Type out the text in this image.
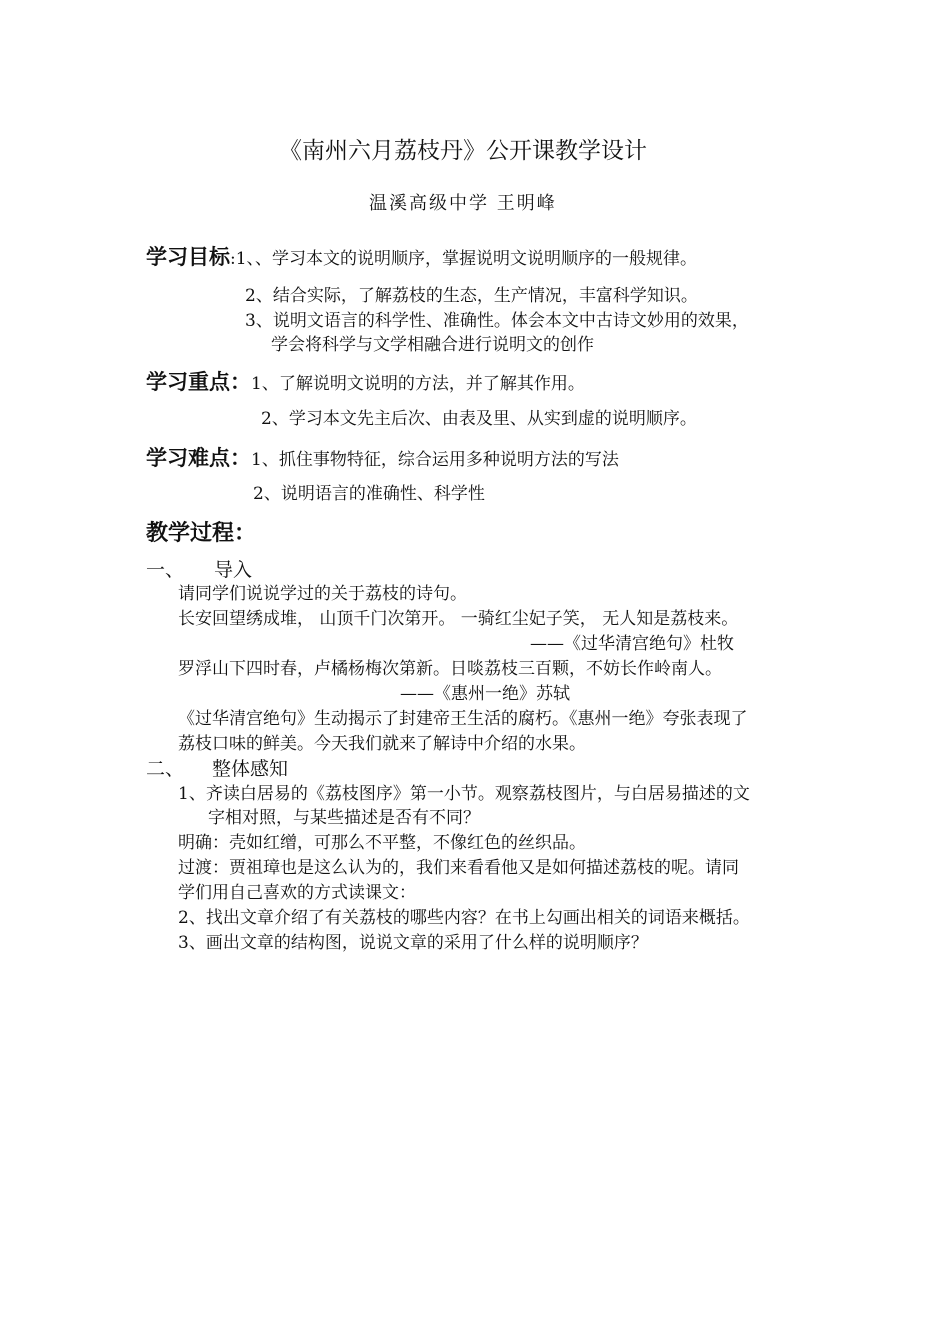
《南州六月荔枝丹》公开课教学设计
温溪高级中学 王明峰
学习目标:1、、学习本文的说明顺序，掌握说明文说明顺序的一般规律。
2、结合实际，了解荔枝的生态，生产情况，丰富科学知识。
3、说明文语言的科学性、准确性。体会本文中古诗文妙用的效果，
学会将科学与文学相融合进行说明文的创作
学习重点：1、了解说明文说明的方法，并了解其作用。
2、学习本文先主后次、由表及里、从实到虚的说明顺序。
学习难点：1、抓住事物特征，综合运用多种说明方法的写法
2、说明语言的准确性、科学性
教学过程：
一、 导入
请同学们说说学过的关于荔枝的诗句。
长安回望绣成堆， 山顶千门次第开。 一骑红尘妃子笑， 无人知是荔枝来。
——《过华清宫绝句》杜牧
罗浮山下四时春，卢橘杨梅次第新。日啖荔枝三百颗，不妨长作岭南人。
——《惠州一绝》苏轼
《过华清宫绝句》生动揭示了封建帝王生活的腐朽。《惠州一绝》夸张表现了
荔枝口味的鲜美。今天我们就来了解诗中介绍的水果。
二、 整体感知
1、齐读白居易的《荔枝图序》第一小节。观察荔枝图片，与白居易描述的文
字相对照，与某些描述是否有不同？
明确：壳如红缯，可那么不平整，不像红色的丝织品。
过渡：贾祖璋也是这么认为的，我们来看看他又是如何描述荔枝的呢。请同
学们用自己喜欢的方式读课文：
2、找出文章介绍了有关荔枝的哪些内容？在书上勾画出相关的词语来概括。
3、画出文章的结构图，说说文章的采用了什么样的说明顺序？
